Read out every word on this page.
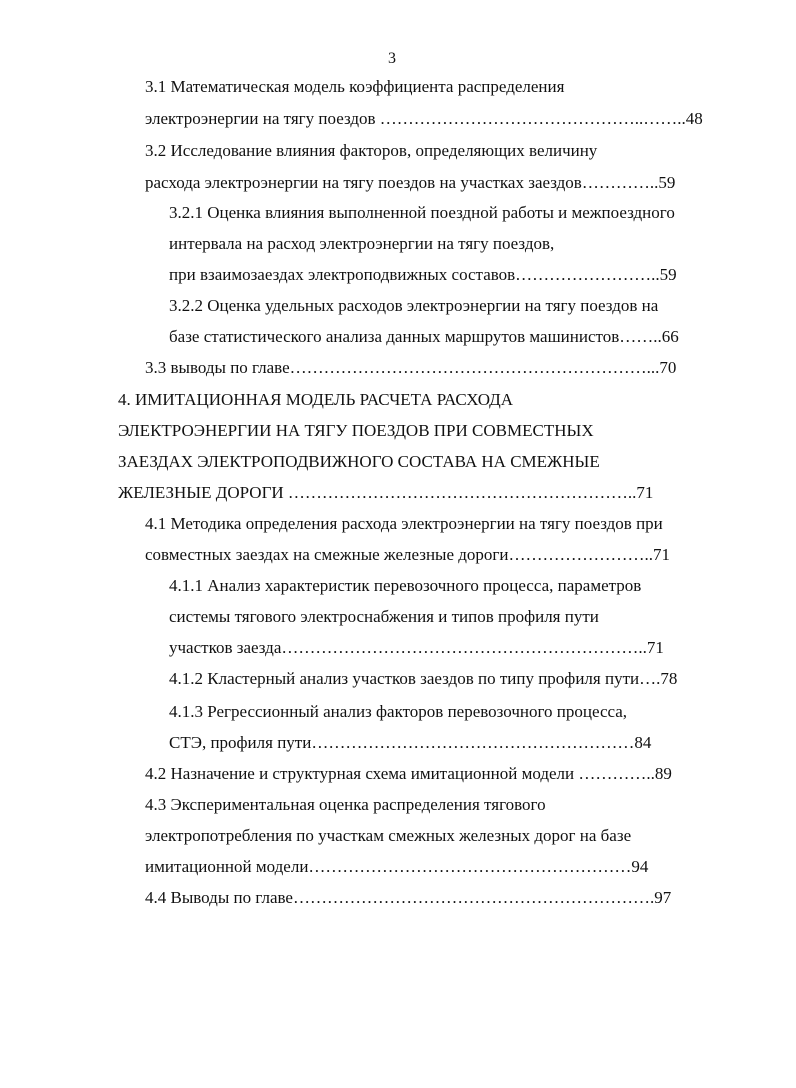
3
3.1 Математическая модель коэффициента распределения
электроэнергии на тягу поездов ………………………………………..……..48
3.2 Исследование влияния факторов, определяющих величину
расхода электроэнергии на тягу поездов на участках заездов…………..59
3.2.1 Оценка влияния выполненной поездной работы и межпоездного
интервала на расход электроэнергии на тягу поездов,
при взаимозаездах электроподвижных составов……………………..59
3.2.2 Оценка удельных расходов электроэнергии на тягу поездов на
базе статистического анализа данных маршрутов машинистов……..66
3.3 выводы по главе………………………………………………………...70
4. ИМИТАЦИОННАЯ МОДЕЛЬ РАСЧЕТА РАСХОДА
ЭЛЕКТРОЭНЕРГИИ НА ТЯГУ ПОЕЗДОВ ПРИ СОВМЕСТНЫХ
ЗАЕЗДАХ ЭЛЕКТРОПОДВИЖНОГО СОСТАВА НА СМЕЖНЫЕ
ЖЕЛЕЗНЫЕ ДОРОГИ ……………………………………………………..71
4.1 Методика определения расхода электроэнергии на тягу поездов при
совместных заездах на смежные железные дороги……………………..71
4.1.1 Анализ характеристик перевозочного процесса, параметров
системы тягового электроснабжения и типов профиля пути
участков заезда………………………………………………………..71
4.1.2 Кластерный анализ участков заездов по типу профиля пути….78
4.1.3 Регрессионный анализ факторов перевозочного процесса,
СТЭ, профиля пути…………………………………………………84
4.2 Назначение и структурная схема имитационной модели …………..89
4.3 Экспериментальная оценка распределения тягового
электропотребления по участкам смежных железных дорог на базе
имитационной модели…………………………………………………94
4.4 Выводы по главе……………………………………………………….97
